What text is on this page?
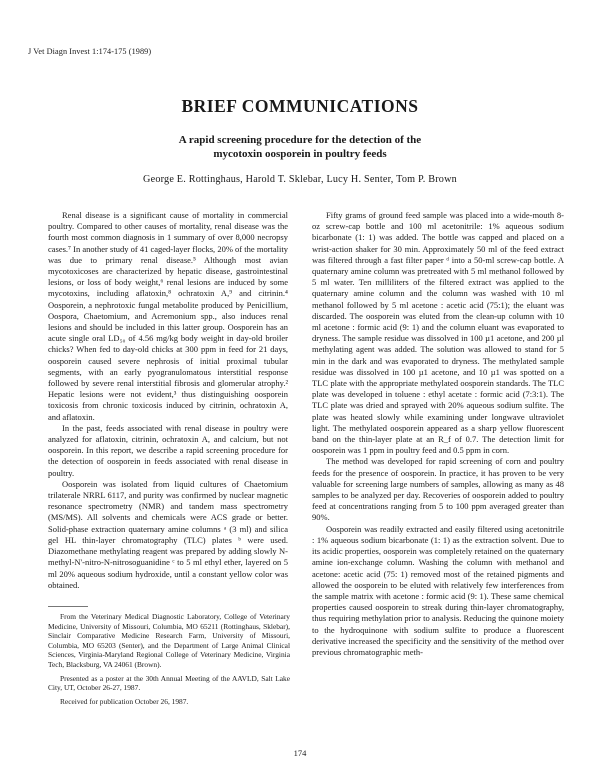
J Vet Diagn Invest 1:174-175 (1989)
BRIEF COMMUNICATIONS
A rapid screening procedure for the detection of the
mycotoxin oosporein in poultry feeds
George E. Rottinghaus, Harold T. Sklebar, Lucy H. Senter, Tom P. Brown

Renal disease is a significant cause of mortality in commercial poultry. Compared to other causes of mortality, renal disease was the fourth most common diagnosis in 1 summary of over 8,000 necropsy cases.⁷ In another study of 41 caged-layer flocks, 20% of the mortality was due to primary renal disease.⁵ Although most avian mycotoxicoses are characterized by hepatic disease, gastrointestinal lesions, or loss of body weight,⁶ renal lesions are induced by some mycotoxins, including aflatoxin,⁸ ochratoxin A,⁹ and citrinin.⁴ Oosporein, a nephrotoxic fungal metabolite produced by Penicillium, Oospora, Chaetomium, and Acremonium spp., also induces renal lesions and should be included in this latter group. Oosporein has an acute single oral LD₅₀ of 4.56 mg/kg body weight in day-old broiler chicks? When fed to day-old chicks at 300 ppm in feed for 21 days, oosporein caused severe nephrosis of initial proximal tubular segments, with an early pyogranulomatous interstitial response followed by severe renal interstitial fibrosis and glomerular atrophy.² Hepatic lesions were not evident,³ thus distinguishing oosporein toxicosis from chronic toxicosis induced by citrinin, ochratoxin A, and aflatoxin.

In the past, feeds associated with renal disease in poultry were analyzed for aflatoxin, citrinin, ochratoxin A, and calcium, but not oosporein. In this report, we describe a rapid screening procedure for the detection of oosporein in feeds associated with renal disease in poultry.

Oosporein was isolated from liquid cultures of Chaetomium trilaterale NRRL 6117, and purity was confirmed by nuclear magnetic resonance spectrometry (NMR) and tandem mass spectrometry (MS/MS). All solvents and chemicals were ACS grade or better. Solid-phase extraction quaternary amine columns ᵃ (3 ml) and silica gel HL thin-layer chromatography (TLC) plates ᵇ were used. Diazomethane methylating reagent was prepared by adding slowly N-methyl-N'-nitro-N-nitrosoguanidine ᶜ to 5 ml ethyl ether, layered on 5 ml 20% aqueous sodium hydroxide, until a constant yellow color was obtained.

From the Veterinary Medical Diagnostic Laboratory, College of Veterinary Medicine, University of Missouri, Columbia, MO 65211 (Rottinghaus, Sklebar), Sinclair Comparative Medicine Research Farm, University of Missouri, Columbia, MO 65203 (Senter), and the Department of Large Animal Clinical Sciences, Virginia-Maryland Regional College of Veterinary Medicine, Virginia Tech, Blacksburg, VA 24061 (Brown).

Presented as a poster at the 30th Annual Meeting of the AAVLD, Salt Lake City, UT, October 26-27, 1987.

Received for publication October 26, 1987.

Fifty grams of ground feed sample was placed into a wide-mouth 8-oz screw-cap bottle and 100 ml acetonitrile: 1% aqueous sodium bicarbonate (1: 1) was added. The bottle was capped and placed on a wrist-action shaker for 30 min. Approximately 50 ml of the feed extract was filtered through a fast filter paper ᵈ into a 50-ml screw-cap bottle. A quaternary amine column was pretreated with 5 ml methanol followed by 5 ml water. Ten milliliters of the filtered extract was applied to the quaternary amine column and the column was washed with 10 ml methanol followed by 5 ml acetone : acetic acid (75:1); the eluant was discarded. The oosporein was eluted from the clean-up column with 10 ml acetone : formic acid (9: 1) and the column eluant was evaporated to dryness. The sample residue was dissolved in 100 µ1 acetone, and 200 µl methylating agent was added. The solution was allowed to stand for 5 min in the dark and was evaporated to dryness. The methylated sample residue was dissolved in 100 µ1 acetone, and 10 µ1 was spotted on a TLC plate with the appropriate methylated oosporein standards. The TLC plate was developed in toluene : ethyl acetate : formic acid (7:3:1). The TLC plate was dried and sprayed with 20% aqueous sodium sulfite. The plate was heated slowly while examining under longwave ultraviolet light. The methylated oosporein appeared as a sharp yellow fluorescent band on the thin-layer plate at an R_f of 0.7. The detection limit for oosporein was 1 ppm in poultry feed and 0.5 ppm in corn.

The method was developed for rapid screening of corn and poultry feeds for the presence of oosporein. In practice, it has proven to be very valuable for screening large numbers of samples, allowing as many as 48 samples to be analyzed per day. Recoveries of oosporein added to poultry feed at concentrations ranging from 5 to 100 ppm averaged greater than 90%.

Oosporein was readily extracted and easily filtered using acetonitrile : 1% aqueous sodium bicarbonate (1: 1) as the extraction solvent. Due to its acidic properties, oosporein was completely retained on the quaternary amine ion-exchange column. Washing the column with methanol and acetone: acetic acid (75: 1) removed most of the retained pigments and allowed the oosporein to be eluted with relatively few interferences from the sample matrix with acetone : formic acid (9: 1). These same chemical properties caused oosporein to streak during thin-layer chromatography, thus requiring methylation prior to analysis. Reducing the quinone moiety to the hydroquinone with sodium sulfite to produce a fluorescent derivative increased the specificity and the sensitivity of the method over previous chromatographic meth-

174
